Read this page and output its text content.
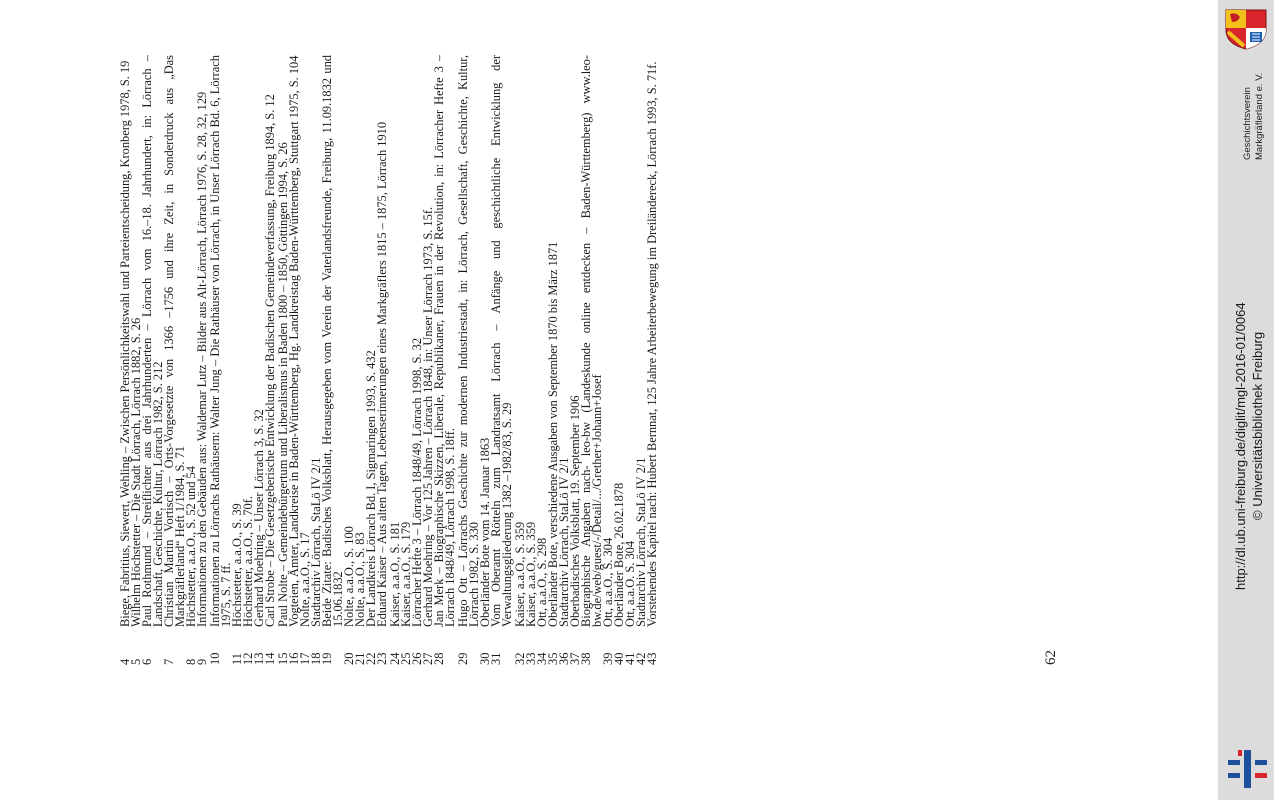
4
Biege, Fabritius, Siewert, Wehling – Zwischen Persönlichkeitswahl und Parteientscheidung, Kronberg 1978, S. 19
5
Wilhelm Höchstetter – Die Stadt Lörrach, Lörrach 1882, S. 26
6
Paul Rothmund – Streiflichter aus drei Jahrhunderten – Lörrach vom 16.–18. Jahrhundert, in: Lörrach – Landschaft, Geschichte, Kultur, Lörrach 1982, S. 212
7
Christian Martin Vortisch – Orts-Vorgesetzte von 1366 –1756 und ihre Zeit, in Sonderdruck aus „Das Markgräflerland“ Heft 1/1984, S. 71
8
Höchstetter, a.a.O., S. 52 und 54
9
Informationen zu den Gebäuden aus: Waldemar Lutz – Bilder aus Alt-Lörrach, Lörrach 1976, S. 28, 32, 129
10
Informationen zu Lörrachs Rathäusern: Walter Jung – Die Rathäuser von Lörrach, in Unser Lörrach Bd. 6, Lörrach 1975, S. 7 ff.
11
Höchstetter, a.a.O., S. 39
12
Höchstetter, a.a.O., S. 70f.
13
Gerhard Moehring – Unser Lörrach 3, S. 32
14
Carl Strobe – Die Gesetzgeberische Entwicklung der Badischen Gemeindeverfassung, Freiburg 1894, S. 12
15
Paul Nolte – Gemeindebürgertum und Liberalismus in Baden 1800 – 1850, Göttingen 1994, S. 26
16
Vogteien, Ämter, Landkreise in Baden-Württemberg, Hg. Landkreistag Baden-Württemberg, Stuttgart 1975, S. 104
17
Nolte, a.a.O., S. 17
18
Stadtarchiv Lörrach, StaLö IV 2/1
19
Beide Zitate: Badisches Volksblatt, Herausgegeben vom Verein der Vaterlandsfreunde, Freiburg, 11.09.1832 und 15.06.1832
20
Nolte, a.a.O., S. 100
21
Nolte, a.a.O., S. 83
22
Der Landkreis Lörrach Bd. I, Sigmaringen 1993, S. 432
23
Eduard Kaiser – Aus alten Tagen, Lebenserinnerungen eines Markgräflers 1815 – 1875, Lörrach 1910
24
Kaiser, a.a.O., S. 181
25
Kaiser, a.a.O., S. 179
26
Lörracher Hefte 3 – Lörrach 1848/49, Lörrach 1998, S. 32
27
Gerhard Moehring – Vor 125 Jahren – Lörrach 1848, in: Unser Lörrach 1973, S. 15f.
28
Jan Merk – Biographische Skizzen, Liberale, Republikaner, Frauen in der Revolution, in: Lörracher Hefte 3 – Lörrach 1848/49, Lörrach 1998, S. 18ff.
29
Hugo Ott – Lörrachs Geschichte zur modernen Industriestadt, in: Lörrach, Gesellschaft, Geschichte, Kultur, Lörrach 1982, S. 330
30
Oberländer Bote vom 14. Januar 1863
31
Vom Oberamt Rötteln zum Landratsamt Lörrach – Anfänge und geschichtliche Entwicklung der Verwaltungsgliederung 1382 –1982/83, S. 29
32
Kaiser, a.a.O., S. 359
33
Kaiser, a.a.O., S. 359
34
Ott, a.a.O., S. 298
35
Oberländer Bote, verschiedene Ausgaben von September 1870 bis März 1871
36
Stadtarchiv Lörrach, StaLö IV 2/1
37
Oberbadisches Volksblatt, 19. September 1906
38
Biographische Angaben nach- leo-bw (Landeskunde online entdecken – Baden-Württemberg) www.leo-bw.de/web/guest/-/Detail/.../Grether+Johann+Josef
39
Ott, a.a.O., S. 304
40
Oberländer Bote, 26.02.1878
41
Ott, a.a.O. S. 304
42
Stadtarchiv Lörrach, StaLö IV 2/1
43
Vorstehendes Kapitel nach: Hubert Bernnat, 125 Jahre Arbeiterbewegung im Dreiländereck, Lörrach 1993, S. 71f.
62
Geschichtsverein Markgräflerland e. V.
http://dl.ub.uni-freiburg.de/diglit/mgl-2016-01/0064 © Universitätsbibliothek Freiburg
